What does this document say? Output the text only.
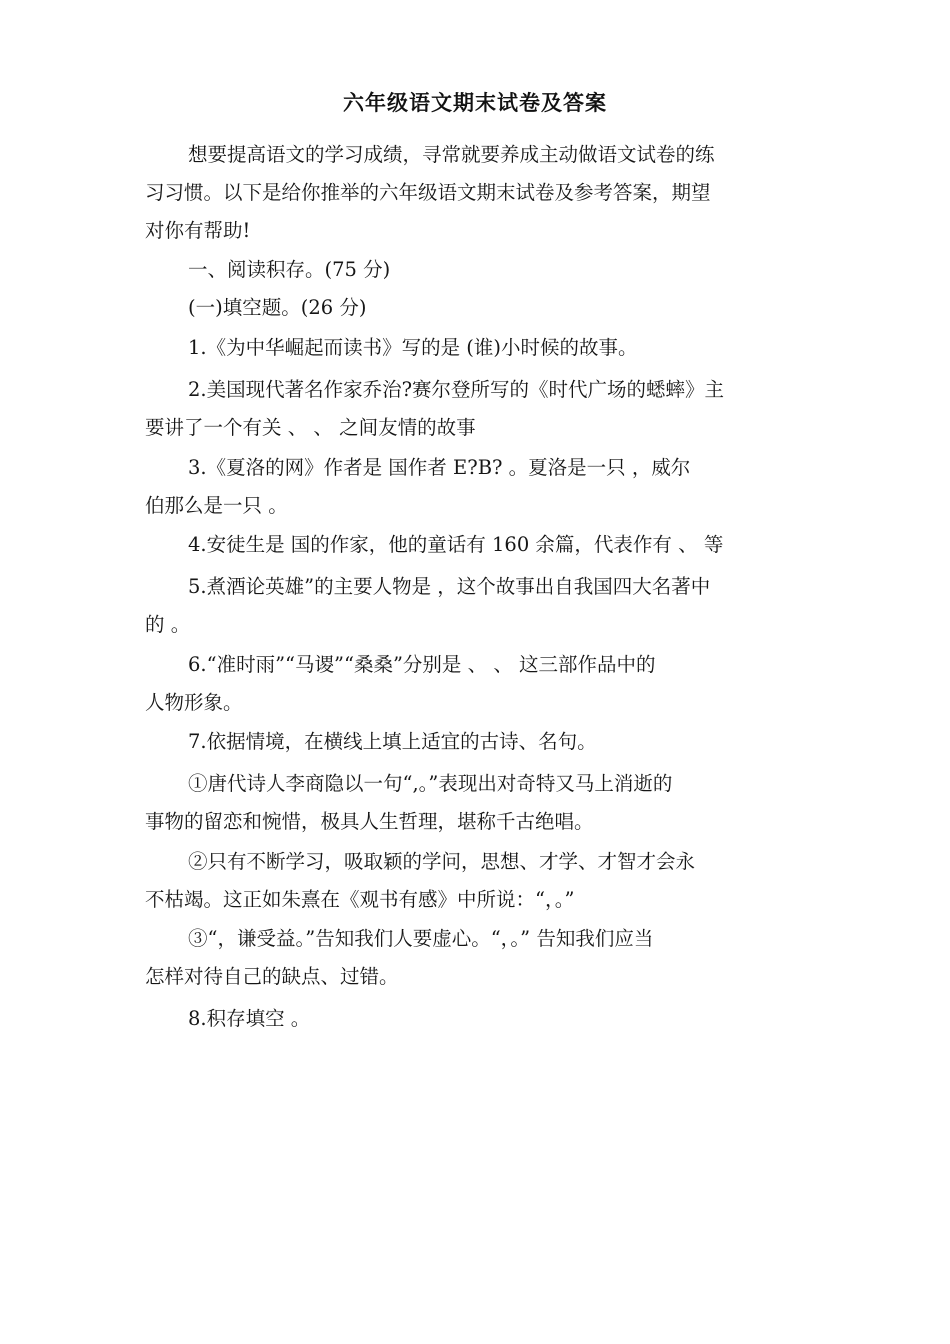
六年级语文期末试卷及答案
想要提高语文的学习成绩，寻常就要养成主动做语文试卷的练
习习惯。以下是给你推举的六年级语文期末试卷及参考答案，期望
对你有帮助!
一、阅读积存。(75 分)
(一)填空题。(26 分)
1.《为中华崛起而读书》写的是 (谁)小时候的故事。
2.美国现代著名作家乔治?赛尔登所写的《时代广场的蟋蟀》主
要讲了一个有关 、 、 之间友情的故事
3.《夏洛的网》作者是 国作者 E?B? 。夏洛是一只 ，威尔
伯那么是一只 。
4.安徒生是 国的作家，他的童话有 160 余篇，代表作有 、 等
5.煮酒论英雄”的主要人物是 ，这个故事出自我国四大名著中
的 。
6.“准时雨”“马谡”“桑桑”分别是 、 、 这三部作品中的
人物形象。
7.依据情境，在横线上填上适宜的古诗、名句。
①唐代诗人李商隐以一句“,。”表现出对奇特又马上消逝的
事物的留恋和惋惜，极具人生哲理，堪称千古绝唱。
②只有不断学习，吸取颖的学问，思想、才学、才智才会永
不枯竭。这正如朱熹在《观书有感》中所说：“，。”
③“，谦受益。”告知我们人要虚心。“，。” 告知我们应当
怎样对待自己的缺点、过错。
8.积存填空 。
